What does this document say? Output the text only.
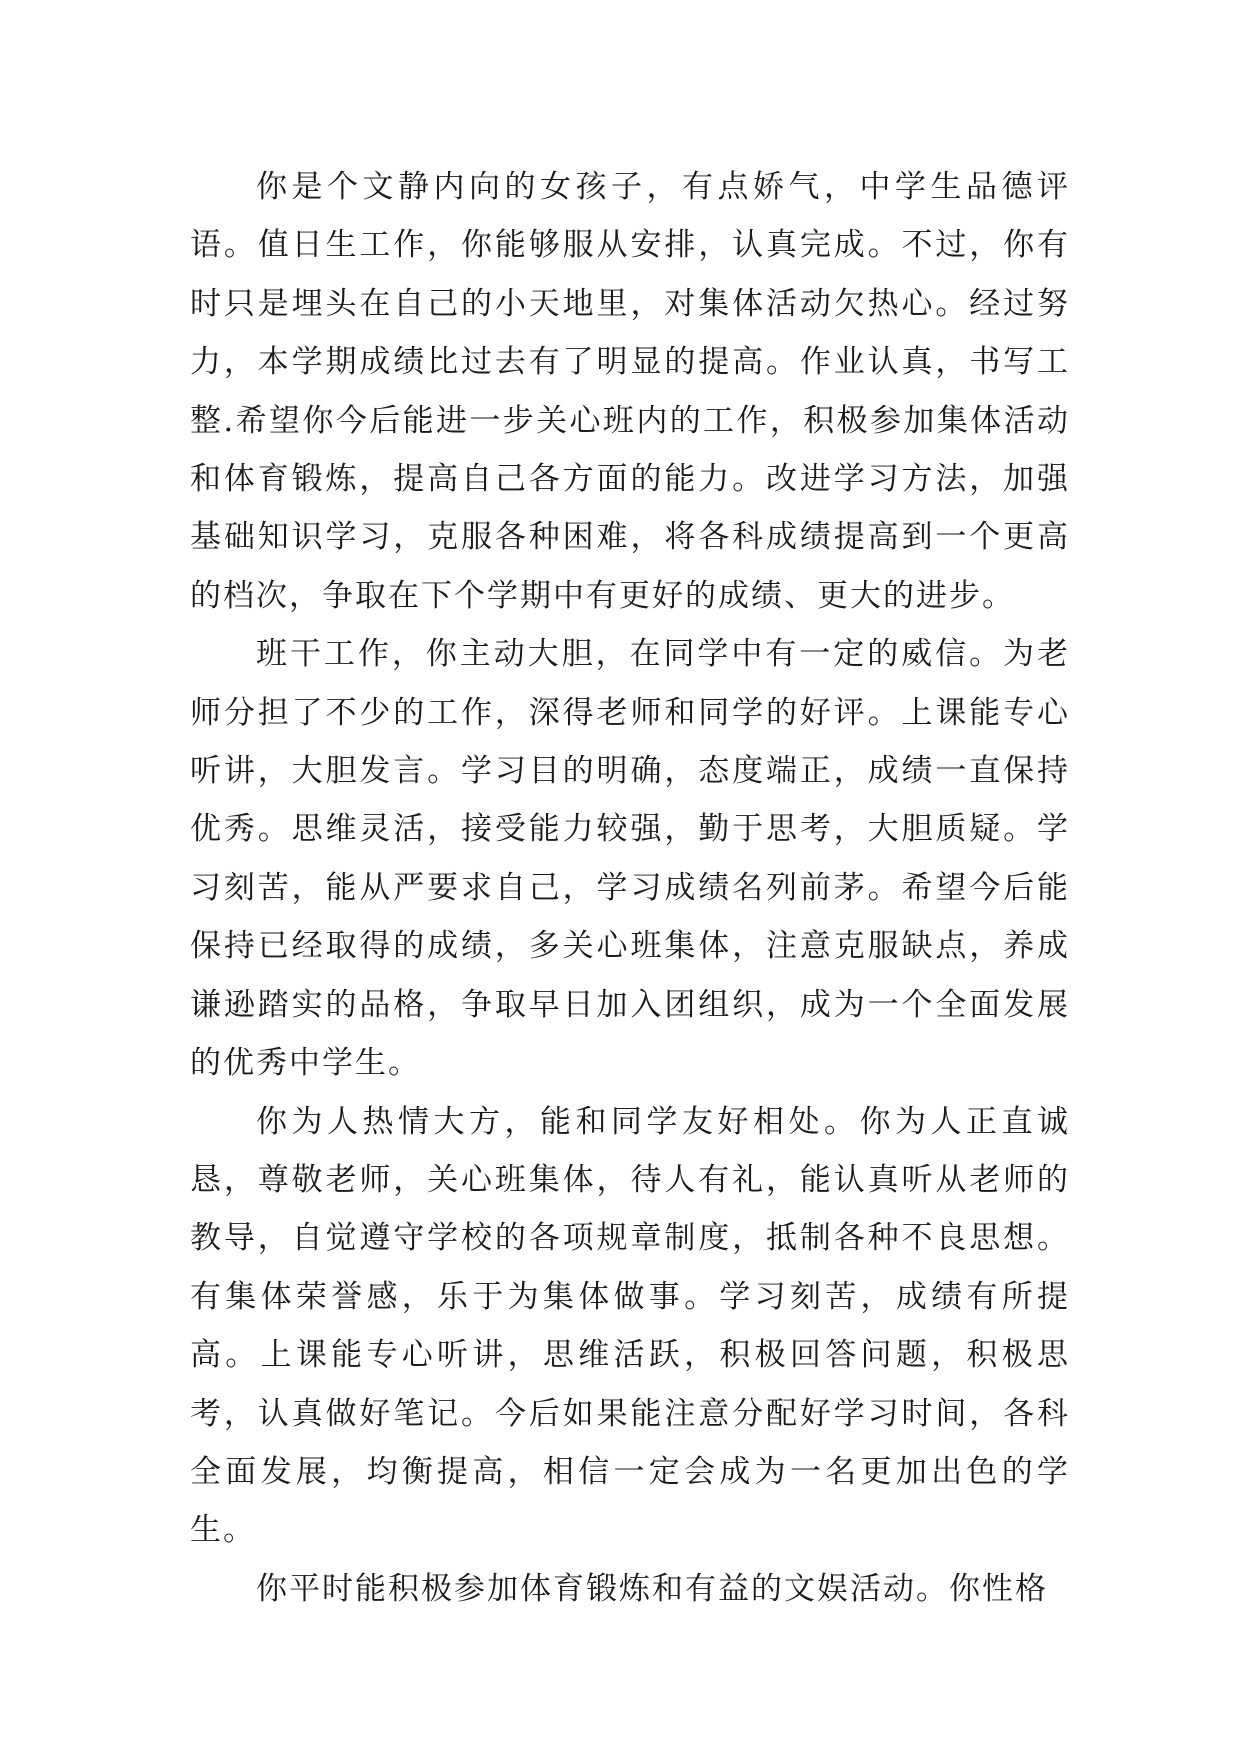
你是个文静内向的女孩子，有点娇气，中学生品德评语。值日生工作，你能够服从安排，认真完成。不过，你有时只是埋头在自己的小天地里，对集体活动欠热心。经过努力，本学期成绩比过去有了明显的提高。作业认真，书写工整.希望你今后能进一步关心班内的工作，积极参加集体活动和体育锻炼，提高自己各方面的能力。改进学习方法，加强基础知识学习，克服各种困难，将各科成绩提高到一个更高的档次，争取在下个学期中有更好的成绩、更大的进步。

班干工作，你主动大胆，在同学中有一定的威信。为老师分担了不少的工作，深得老师和同学的好评。上课能专心听讲，大胆发言。学习目的明确，态度端正，成绩一直保持优秀。思维灵活，接受能力较强，勤于思考，大胆质疑。学习刻苦，能从严要求自己，学习成绩名列前茅。希望今后能保持已经取得的成绩，多关心班集体，注意克服缺点，养成谦逊踏实的品格，争取早日加入团组织，成为一个全面发展的优秀中学生。

你为人热情大方，能和同学友好相处。你为人正直诚恳，尊敬老师，关心班集体，待人有礼，能认真听从老师的教导，自觉遵守学校的各项规章制度，抵制各种不良思想。有集体荣誉感，乐于为集体做事。学习刻苦，成绩有所提高。上课能专心听讲，思维活跃，积极回答问题，积极思考，认真做好笔记。今后如果能注意分配好学习时间，各科全面发展，均衡提高，相信一定会成为一名更加出色的学生。

你平时能积极参加体育锻炼和有益的文娱活动。你性格
